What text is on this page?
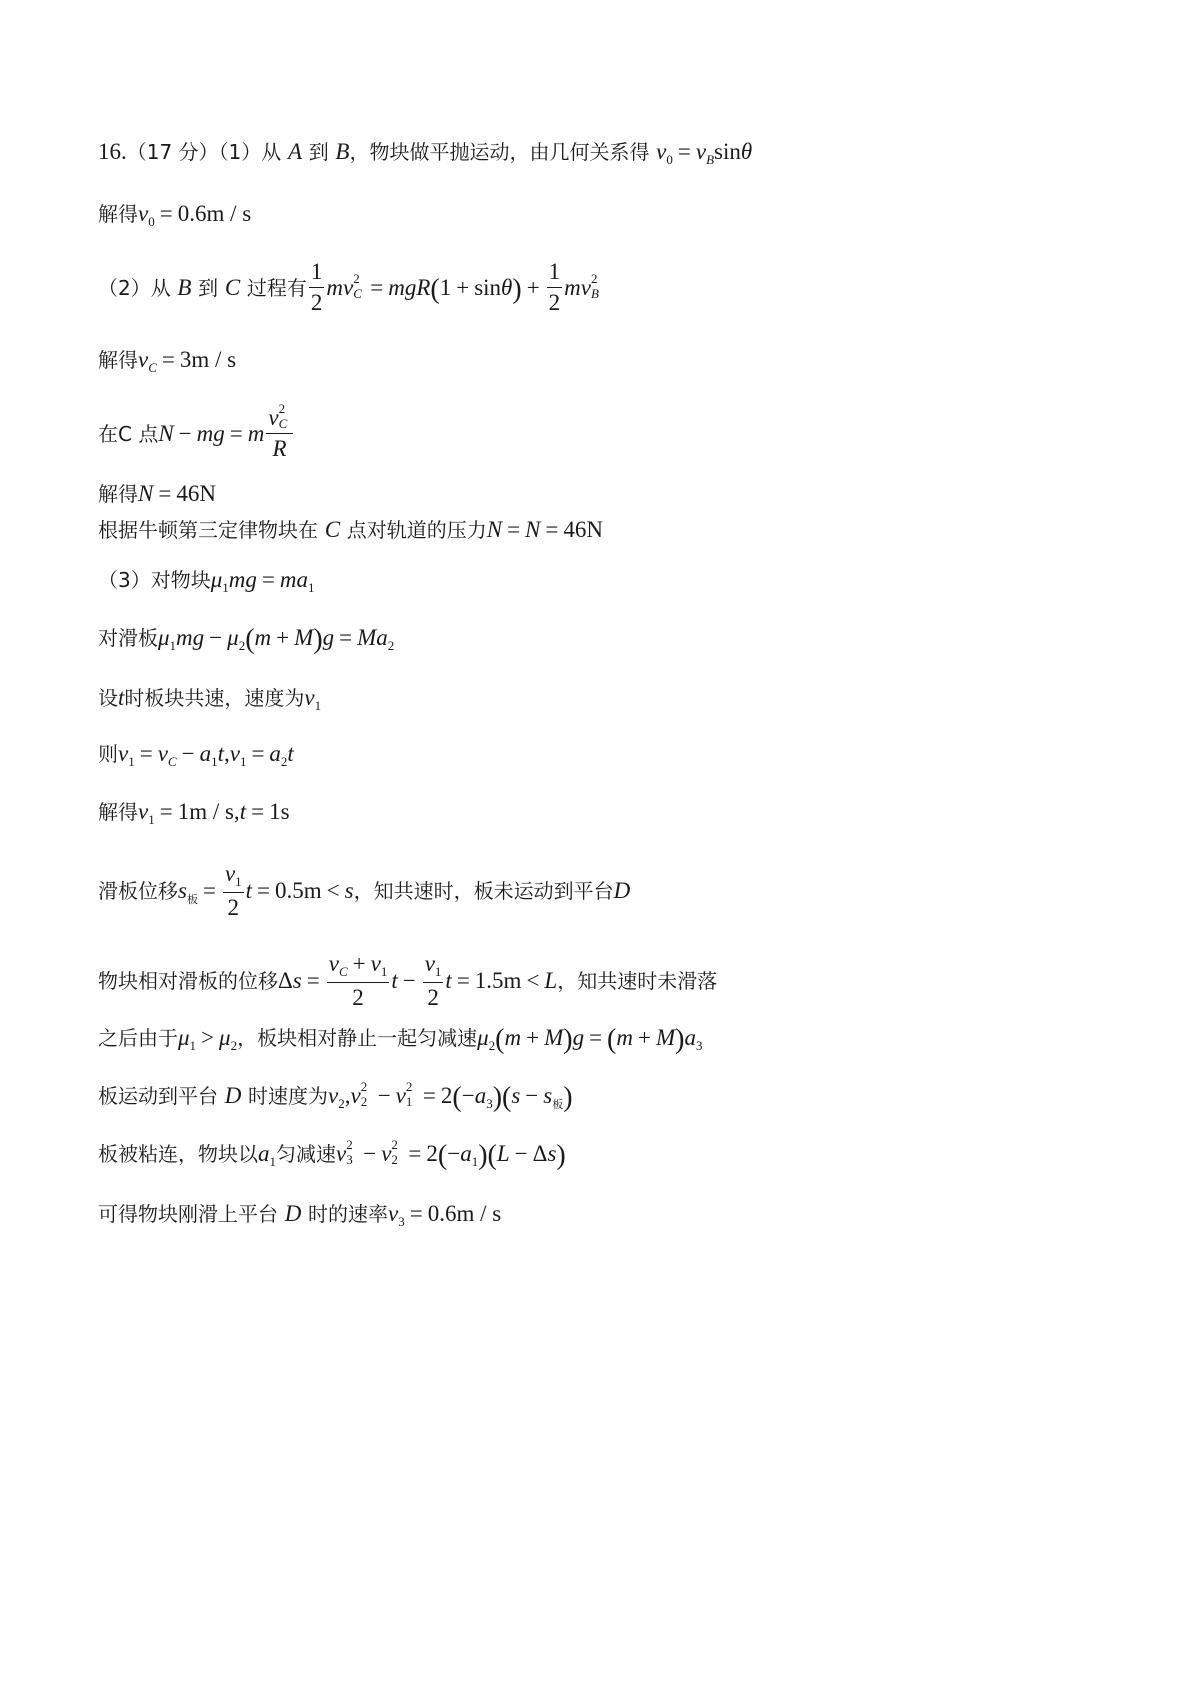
16.（17 分）（1）从 A 到 B，物块做平抛运动，由几何关系得 $v_0 = v_B\sin\theta$
解得$v_0 = 0.6m / s$
（2）从 B 到 C 过程有 $\frac{1}{2}$ mv 2
$C = mgR(1 + \sin\theta) + \frac{1}{2}$ mv 2
B
解得$v_C = 3m / s$
在C 点N − mg = m v 2
C
R
解得N = 46N
根据牛顿第三定律物块在 C 点对轨道的压力N = N = 46N
（3）对物块$\mu_1mg = ma_1$
对滑板$\mu_1mg - \mu_2(m + M)g = Ma_2$
设t时板块共速，速度为$v_1$
则$v_1 = v_C - a_1t,v_1 = a_2t$
解得$v_1 = 1m / s,t = 1s$
滑板位移$s_板 = \frac{v_1}{2}$ t = 0.5m < s，知共速时，板未运动到平台D
物块相对滑板的位移$\Delta s = \frac{v_C + v_1}{2}$ $t - \frac{v_1}{2}$ t = 1.5m < L，知共速时未滑落
之后由于$\mu_1 > \mu_2$，板块相对静止一起匀减速$\mu_2(m + M)g = (m + M)a_3$
板运动到平台 D 时速度为$v_2,v$ 2
2 − v 2
$1 = 2(-a_3)(s - s_板)$
板被粘连，物块以$a_1$匀减速v 2
3 − v 2
$2 = 2(-a_1)(L - \Delta s)$
可得物块刚滑上平台 D 时的速率$v_3 = 0.6m / s$
